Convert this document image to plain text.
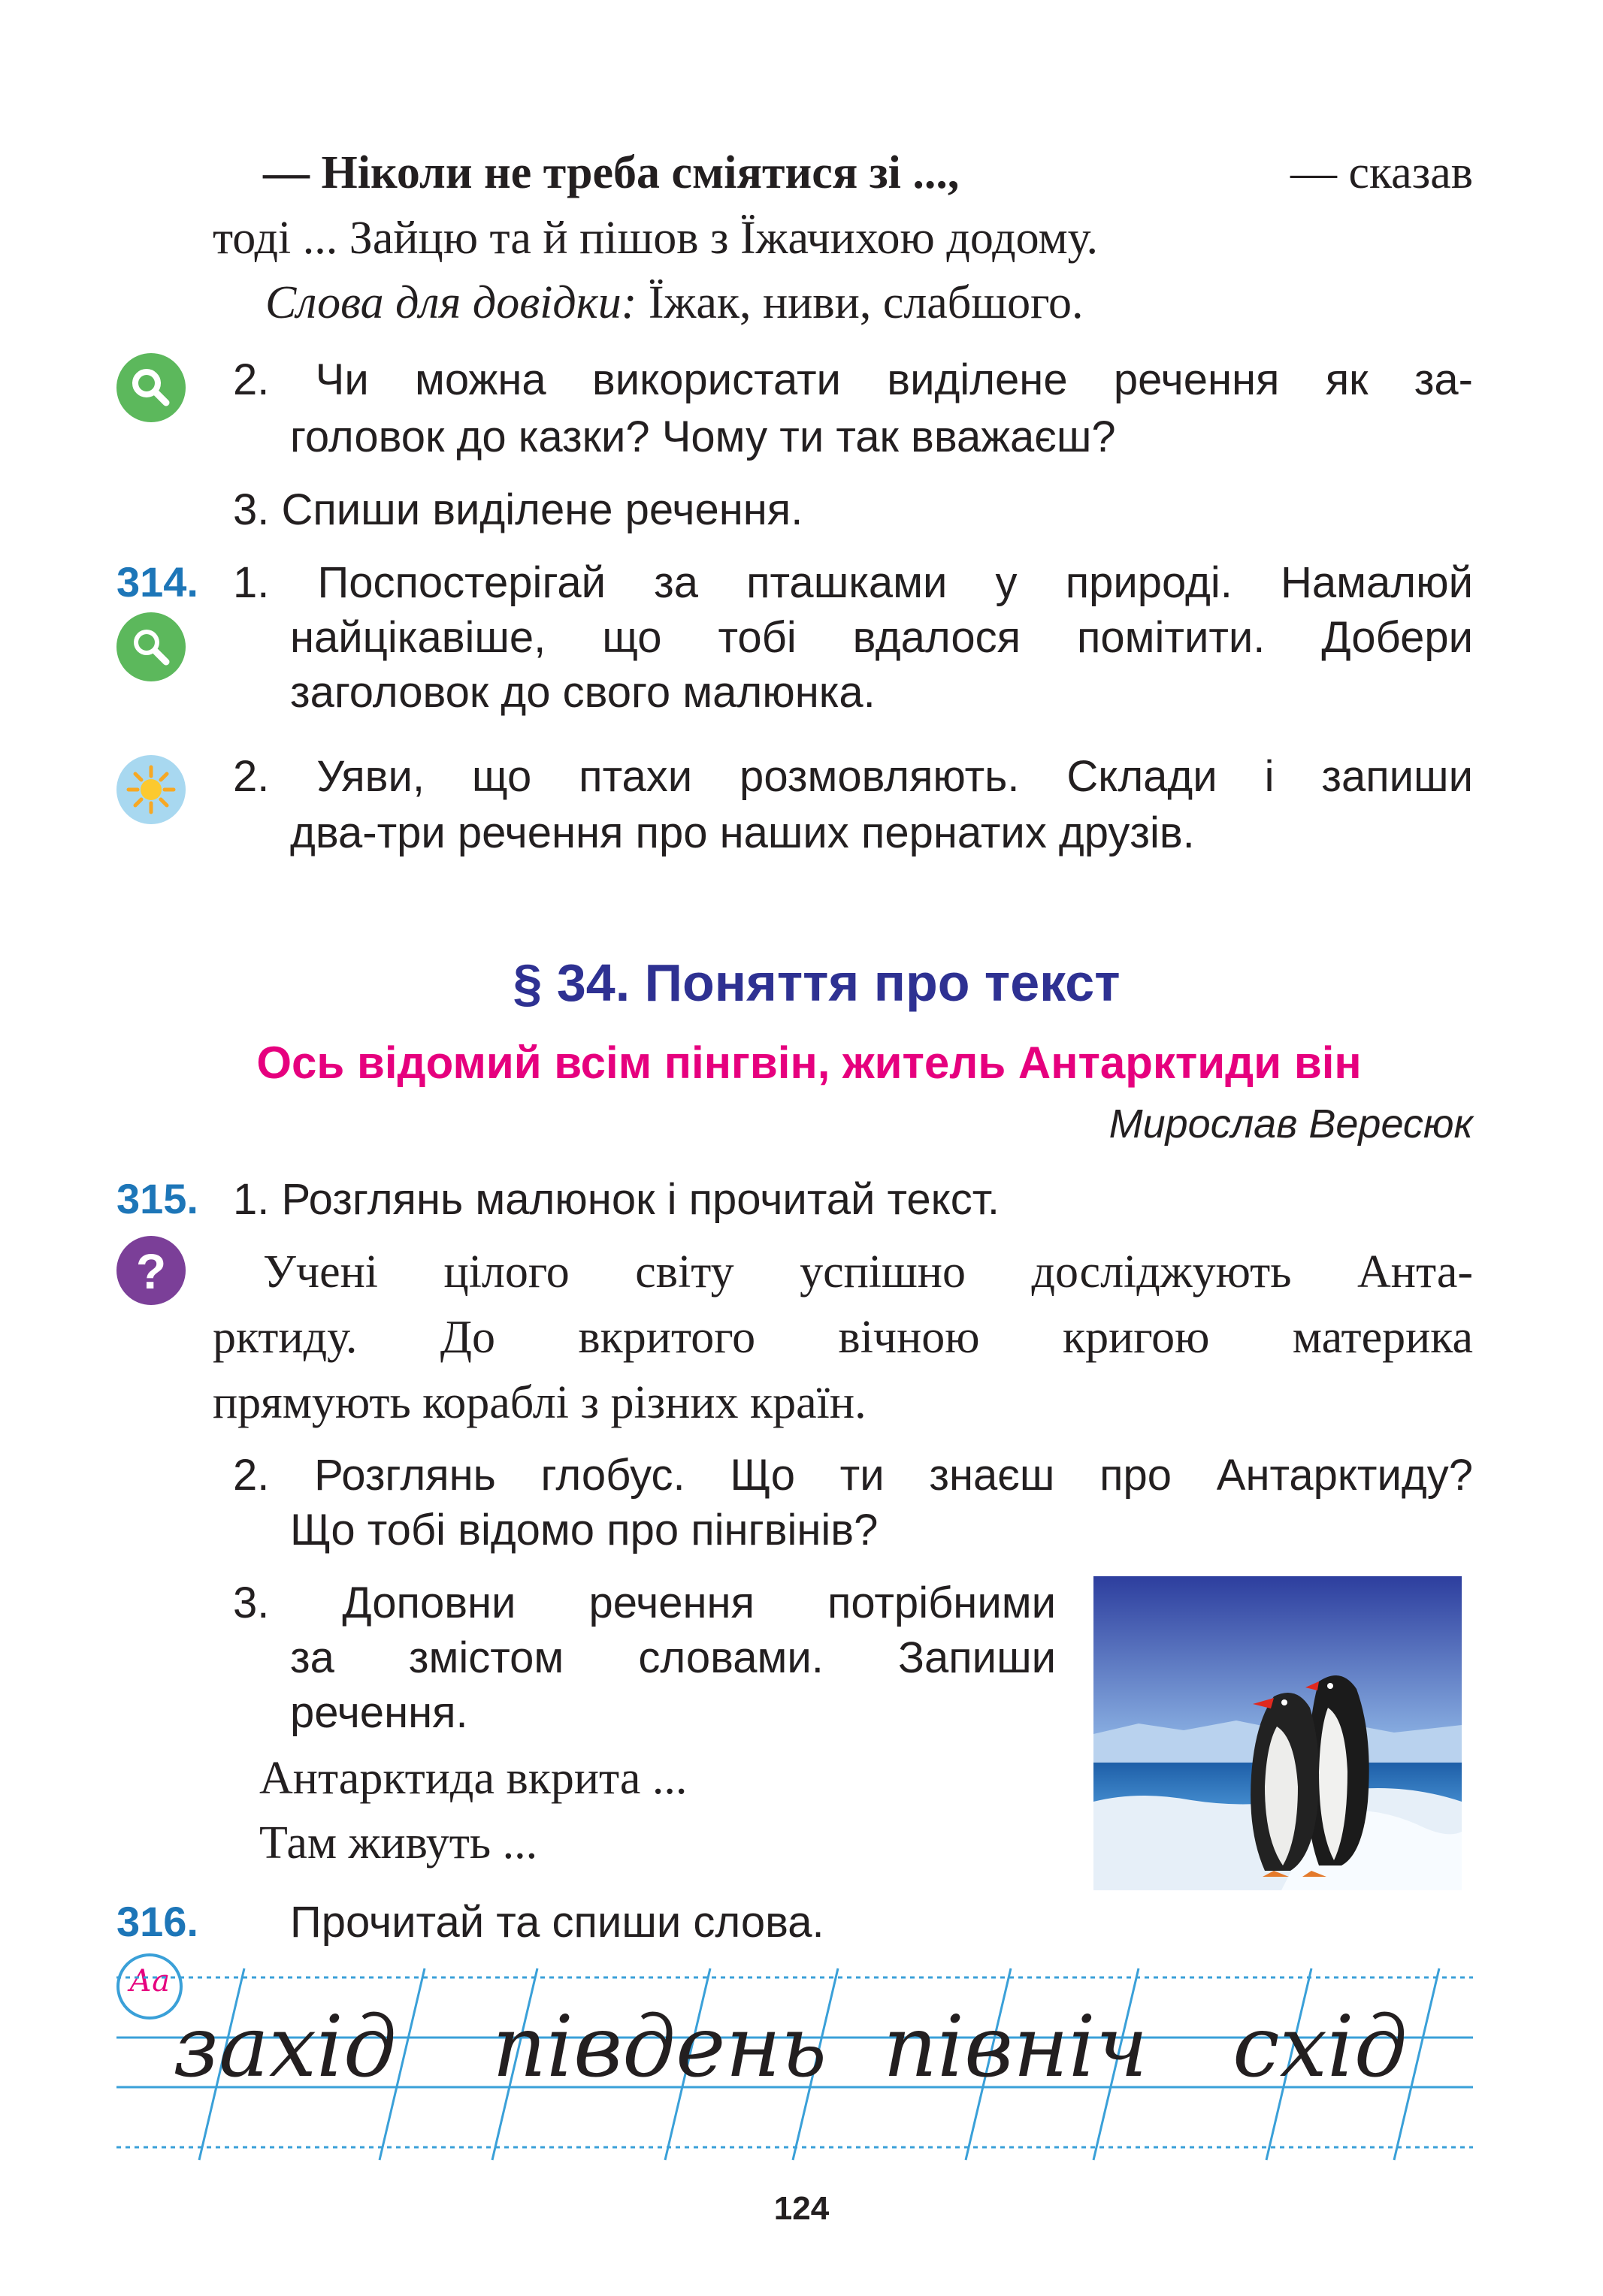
— Ніколи не треба сміятися зі ...,	— сказав
тоді ... Зайцю та й пішов з Їжачихою додому.
Слова для довідки: Їжак, ниви, слабшого.
2. Чи можна використати виділене речення як за-
головок до казки? Чому ти так вважаєш?
3. Спиши виділене речення.
314. 1. Поспостерігай за пташками у природі. Намалюй
найцікавіше, що тобі вдалося помітити. Добери
заголовок до свого малюнка.
2. Уяви, що птахи розмовляють. Склади і запиши
два-три речення про наших пернатих друзів.
§ 34. Поняття про текст
Ось відомий всім пінгвін, житель Антарктиди він
Мирослав Вересюк
315. 1. Розглянь малюнок і прочитай текст.
? Учені цілого світу успішно досліджують Анта-
рктиду. До вкритого вічною кригою материка
прямують кораблі з різних країн.
2. Розглянь глобус. Що ти знаєш про Антарктиду?
Що тобі відомо про пінгвінів?
3. Доповни речення потрібними
за змістом словами. Запиши
речення.
Антарктида вкрита ...
Там живуть ...
316. Прочитай та спиши слова.
Аа
захід південь північ схід
124
